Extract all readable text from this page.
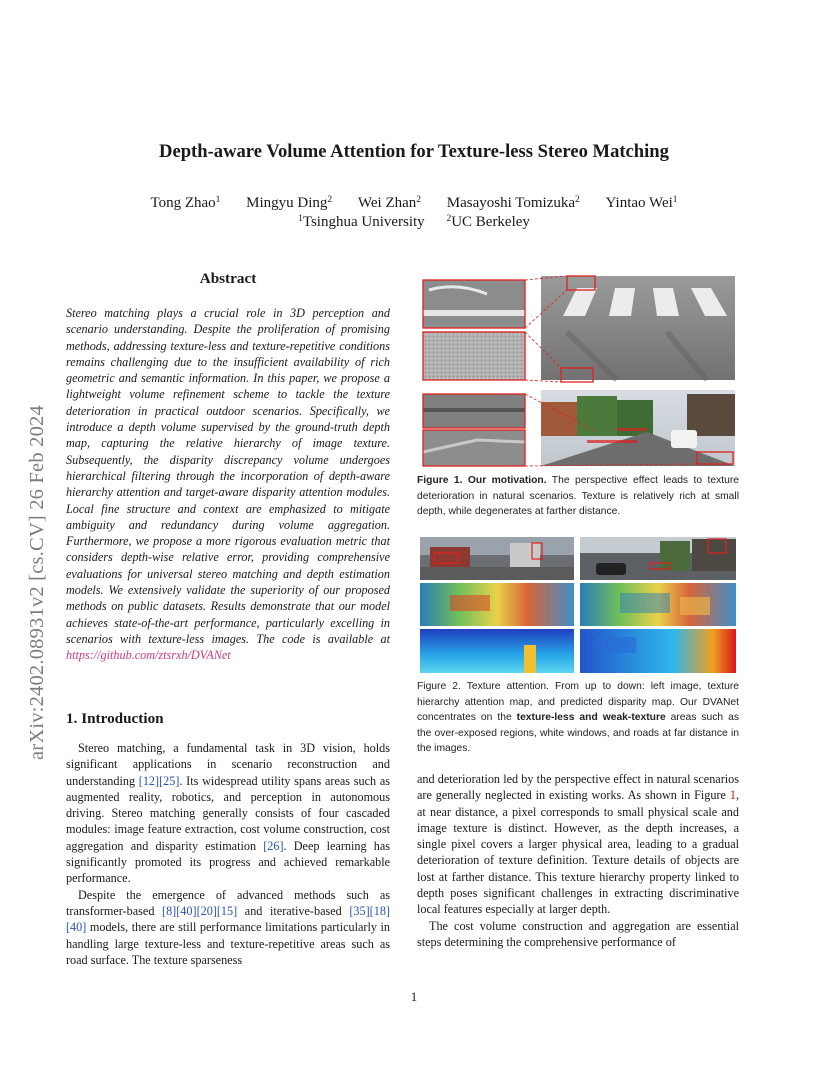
Depth-aware Volume Attention for Texture-less Stereo Matching
Tong Zhao$^1$ Mingyu Ding$^2$ Wei Zhan$^2$ Masayoshi Tomizuka$^2$ Yintao Wei$^1$
$^1$Tsinghua University $^2$UC Berkeley
arXiv:2402.08931v2 [cs.CV] 26 Feb 2024
Abstract
Stereo matching plays a crucial role in 3D perception and scenario understanding. Despite the proliferation of promising methods, addressing texture-less and texture-repetitive conditions remains challenging due to the insufficient availability of rich geometric and semantic information. In this paper, we propose a lightweight volume refinement scheme to tackle the texture deterioration in practical outdoor scenarios. Specifically, we introduce a depth volume supervised by the ground-truth depth map, capturing the relative hierarchy of image texture. Subsequently, the disparity discrepancy volume undergoes hierarchical filtering through the incorporation of depth-aware hierarchy attention and target-aware disparity attention modules. Local fine structure and context are emphasized to mitigate ambiguity and redundancy during volume aggregation. Furthermore, we propose a more rigorous evaluation metric that considers depth-wise relative error, providing comprehensive evaluations for universal stereo matching and depth estimation models. We extensively validate the superiority of our proposed methods on public datasets. Results demonstrate that our model achieves state-of-the-art performance, particularly excelling in scenarios with texture-less images. The code is available at https://github.com/ztsrxh/DVANet
1. Introduction

Stereo matching, a fundamental task in 3D vision, holds significant applications in scenario reconstruction and understanding [12][25]. Its widespread utility spans areas such as augmented reality, robotics, and perception in autonomous driving. Stereo matching generally consists of four cascaded modules: image feature extraction, cost volume construction, cost aggregation and disparity estimation [26]. Deep learning has significantly promoted its progress and achieved remarkable performance.

Despite the emergence of advanced methods such as transformer-based [8][40][20][15] and iterative-based [35][18][40] models, there are still performance limitations particularly in handling large texture-less and texture-repetitive areas such as road surface. The texture sparseness

Figure 1. Our motivation. The perspective effect leads to texture deterioration in natural scenarios. Texture is relatively rich at small depth, while degenerates at farther distance.
Figure 2. Texture attention. From up to down: left image, texture hierarchy attention map, and predicted disparity map. Our DVANet concentrates on the texture-less and weak-texture areas such as the over-exposed regions, white windows, and roads at far distance in the images.

and deterioration led by the perspective effect in natural scenarios are generally neglected in existing works. As shown in Figure 1, at near distance, a pixel corresponds to small physical scale and image texture is distinct. However, as the depth increases, a single pixel covers a larger physical area, leading to a gradual deterioration of texture definition. Texture details of objects are lost at farther distance. This texture hierarchy property linked to depth poses significant challenges in extracting discriminative local features especially at larger depth.

The cost volume construction and aggregation are essential steps determining the comprehensive performance of

1
